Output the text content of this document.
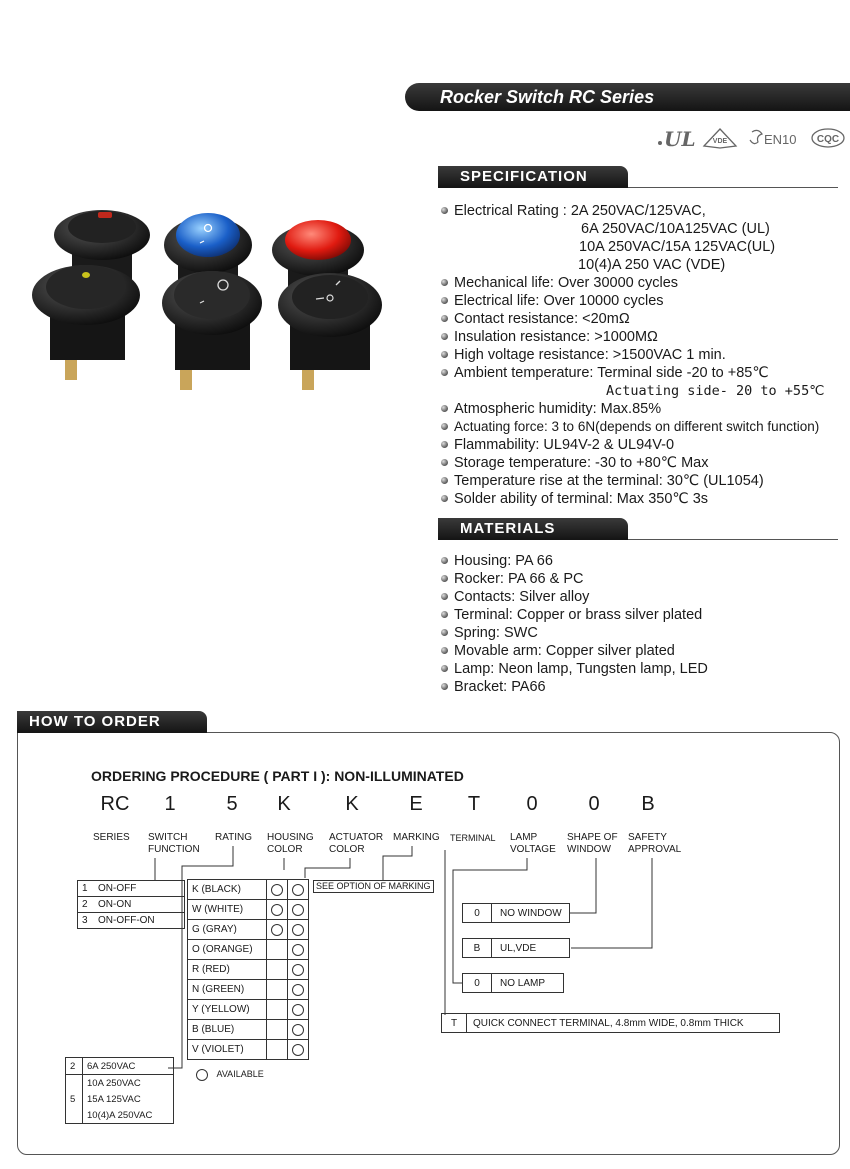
Rocker Switch RC Series
UL VDE	EN10 CQC
SPECIFICATION
Electrical Rating : 2A 250VAC/125VAC,
6A 250VAC/10A125VAC (UL)
10A 250VAC/15A 125VAC(UL)
10(4)A 250 VAC (VDE)
Mechanical life: Over 30000 cycles
Electrical life: Over 10000 cycles
Contact resistance: <20mΩ
Insulation resistance: >1000MΩ
High voltage resistance: >1500VAC 1 min.
Ambient temperature: Terminal side -20 to +85℃
Actuating side- 20 to +55℃
Atmospheric humidity: Max.85%
Actuating force: 3 to 6N(depends on different switch function)
Flammability: UL94V-2 & UL94V-0
Storage temperature: -30 to +80℃ Max
Temperature rise at the terminal: 30℃ (UL1054)
Solder ability of terminal: Max 350℃ 3s
MATERIALS
Housing: PA 66
Rocker: PA 66 & PC
Contacts: Silver alloy
Terminal: Copper or brass silver plated
Spring: SWC
Movable arm: Copper silver plated
Lamp: Neon lamp, Tungsten lamp, LED
Bracket: PA66
HOW TO ORDER
ORDERING PROCEDURE ( PART I ): NON-ILLUMINATED
RC	1	5	K	K	E	T	0	0	B
SERIES SWITCH
FUNCTION
RATING HOUSING
COLOR
ACTUATOR
COLOR
MARKING TERMINAL LAMP
VOLTAGE
SHAPE OF
WINDOW
SAFETY
APPROVAL
1	ON-OFF
2	ON-ON
3	ON-OFF-ON
K (BLACK)		
W (WHITE)		
G (GRAY)		
O (ORANGE)		
R (RED)		
N (GREEN)		
Y (YELLOW)		
B (BLUE)		
V (VIOLET)		
SEE OPTION OF MARKING
AVAILABLE
2	6A 250VAC
5	10A 250VAC
	15A 125VAC
	10(4)A 250VAC
0 NO WINDOW
B UL,VDE
0 NO LAMP
T QUICK CONNECT TERMINAL, 4.8mm WIDE, 0.8mm THICK
